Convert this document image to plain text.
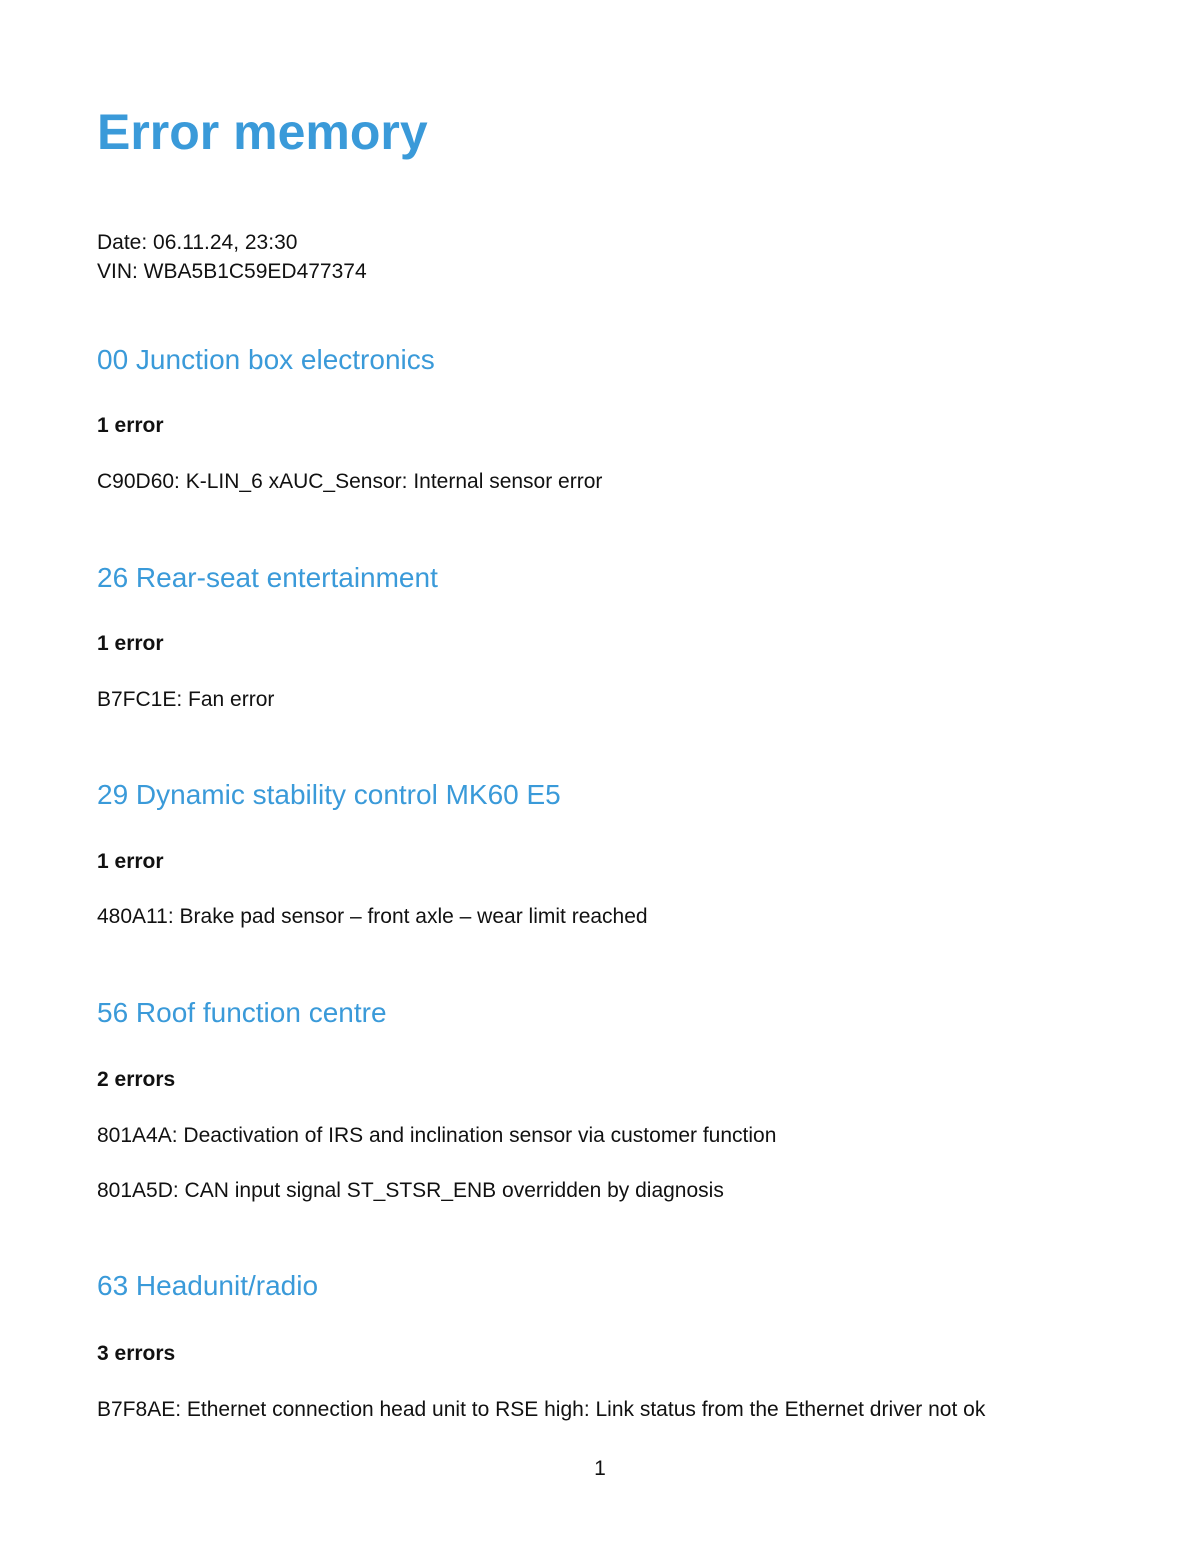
Error memory

Date: 06.11.24, 23:30

VIN: WBA5B1C59ED477374

00 Junction box electronics

1 error

C90D60: K-LIN_6 xAUC_Sensor: Internal sensor error

26 Rear-seat entertainment

1 error

B7FC1E: Fan error

29 Dynamic stability control MK60 E5

1 error

480A11: Brake pad sensor – front axle – wear limit reached

56 Roof function centre

2 errors

801A4A: Deactivation of IRS and inclination sensor via customer function

801A5D: CAN input signal ST_STSR_ENB overridden by diagnosis

63 Headunit/radio

3 errors

B7F8AE: Ethernet connection head unit to RSE high: Link status from the Ethernet driver not ok

1
